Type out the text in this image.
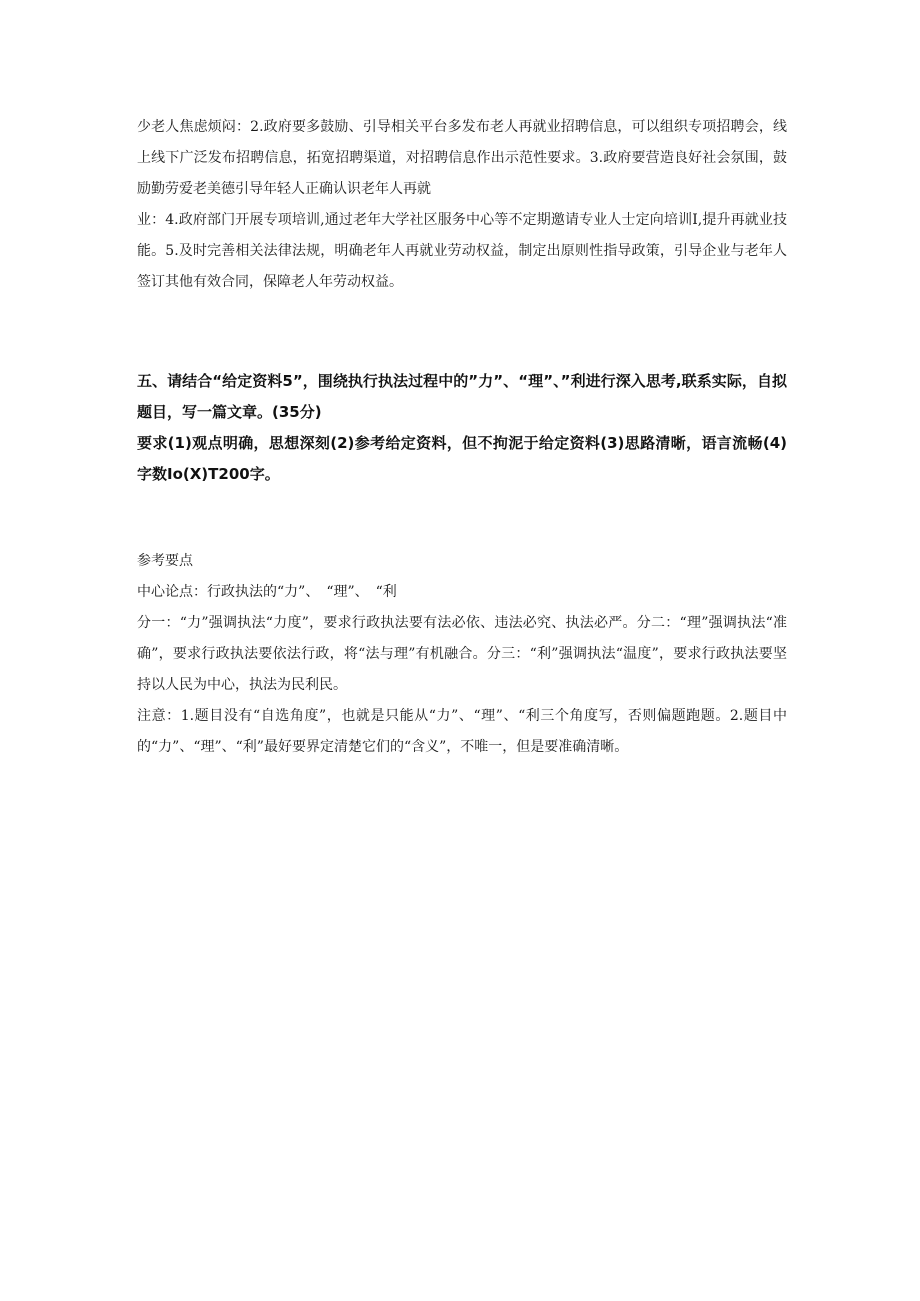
少老人焦虑烦闷：2.政府要多鼓励、引导相关平台多发布老人再就业招聘信息，可以组织专项招聘会，线上线下广泛发布招聘信息，拓宽招聘渠道，对招聘信息作出示范性要求。3.政府要营造良好社会氛围，鼓励勤劳爱老美德引导年轻人正确认识老年人再就

业：4.政府部门开展专项培训,通过老年大学社区服务中心等不定期邀请专业人士定向培训I,提升再就业技能。5.及时完善相关法律法规，明确老年人再就业劳动权益，制定出原则性指导政策，引导企业与老年人签订其他有效合同，保障老人年劳动权益。

五、请结合“给定资料5”，围绕执行执法过程中的”力”、“理”、”利进行深入思考,联系实际，自拟题目，写一篇文章。(35分)

要求(1)观点明确，思想深刻(2)参考给定资料，但不拘泥于给定资料(3)思路清晰，语言流畅(4)字数Io(X)T200字。

参考要点

中心论点：行政执法的“力”、　“理”、　“利

分一：“力”强调执法“力度”，要求行政执法要有法必依、违法必究、执法必严。分二：“理”强调执法“准确”，要求行政执法要依法行政，将“法与理”有机融合。分三：“利”强调执法“温度”，要求行政执法要坚持以人民为中心，执法为民利民。

注意：1.题目没有“自选角度”，也就是只能从“力”、“理”、“利三个角度写，否则偏题跑题。2.题目中的“力”、“理”、“利”最好要界定清楚它们的“含义”，不唯一，但是要准确清晰。
